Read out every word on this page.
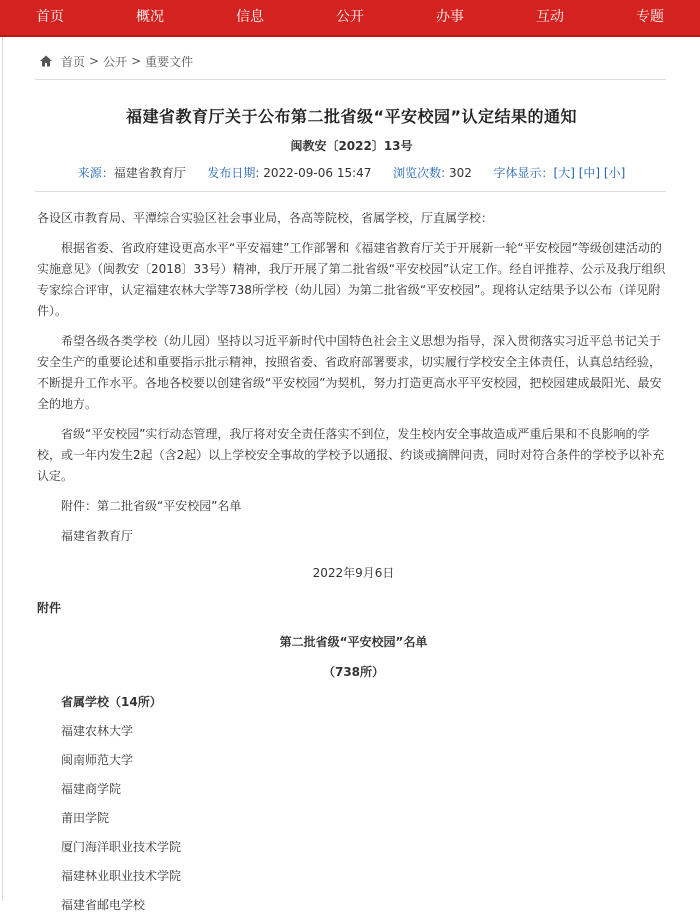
首页	概况	信息	公开	办事	互动	专题
首页 > 公开 > 重要文件
福建省教育厅关于公布第二批省级“平安校园”认定结果的通知
闽教安〔2022〕13号
来源：福建省教育厅 发布日期: 2022-09-06 15:47 浏览次数: 302 字体显示：[大] [中] [小]

各设区市教育局、平潭综合实验区社会事业局，各高等院校，省属学校，厅直属学校：

根据省委、省政府建设更高水平“平安福建”工作部署和《福建省教育厅关于开展新一轮“平安校园”等级创建活动的实施意见》（闽教安〔2018〕33号）精神，我厅开展了第二批省级“平安校园”认定工作。经自评推荐、公示及我厅组织专家综合评审，认定福建农林大学等738所学校（幼儿园）为第二批省级“平安校园”。现将认定结果予以公布（详见附件）。

希望各级各类学校（幼儿园）坚持以习近平新时代中国特色社会主义思想为指导，深入贯彻落实习近平总书记关于安全生产的重要论述和重要指示批示精神，按照省委、省政府部署要求，切实履行学校安全主体责任，认真总结经验，不断提升工作水平。各地各校要以创建省级“平安校园”为契机，努力打造更高水平平安校园，把校园建成最阳光、最安全的地方。

省级“平安校园”实行动态管理，我厅将对安全责任落实不到位，发生校内安全事故造成严重后果和不良影响的学校，或一年内发生2起（含2起）以上学校安全事故的学校予以通报、约谈或摘牌问责，同时对符合条件的学校予以补充认定。

附件：第二批省级“平安校园”名单

福建省教育厅

2022年9月6日

附件

第二批省级“平安校园”名单

（738所）

省属学校（14所）

福建农林大学

闽南师范大学

福建商学院

莆田学院

厦门海洋职业技术学院

福建林业职业技术学院

福建省邮电学校
